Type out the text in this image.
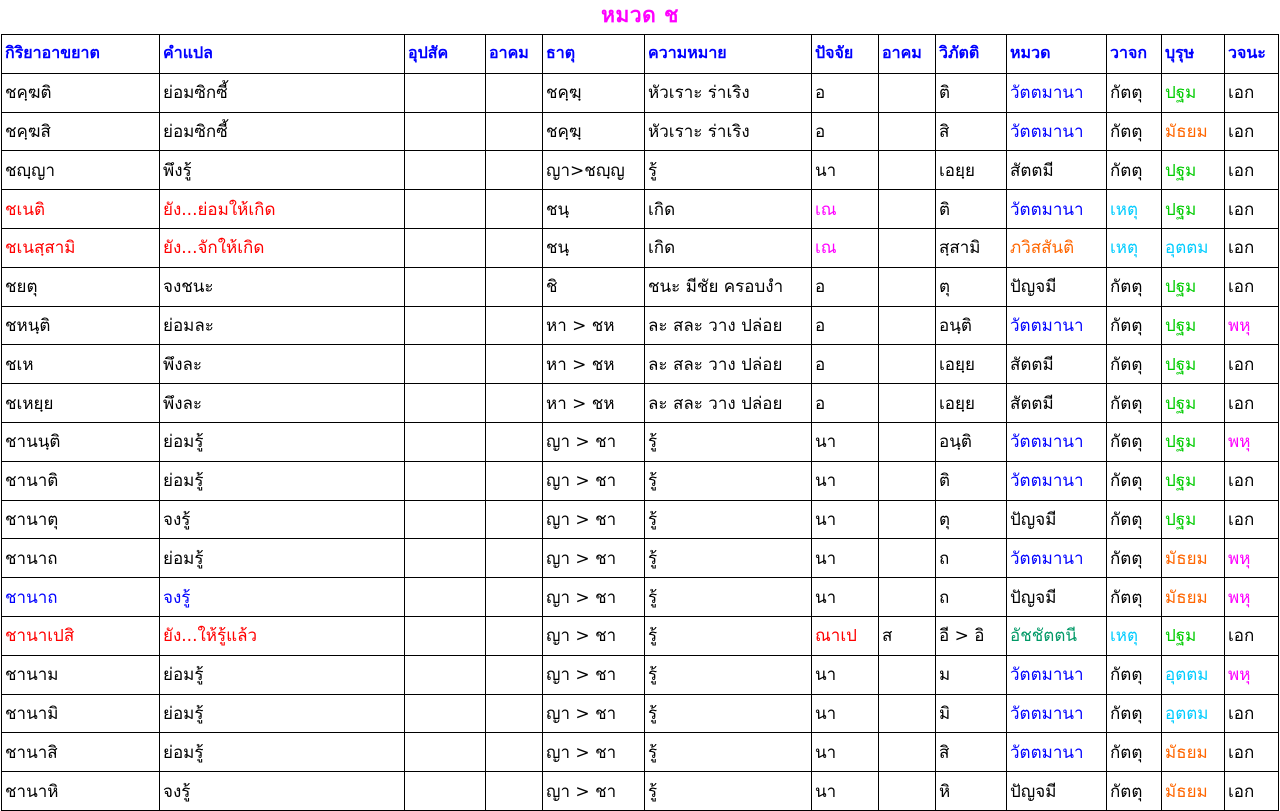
หมวด ช
กิริยาอาขยาต	คำแปล	อุปสัค	อาคม	ธาตุ	ความหมาย	ปัจจัย	อาคม	วิภัตติ	หมวด	วาจก	บุรุษ	วจนะ
ชคฺฆติ	ย่อมซิกซี้			ชคฺฆฺ	หัวเราะ ร่าเริง	อ		ติ	วัตตมานา	กัตตุ	ปฐม	เอก
ชคฺฆสิ	ย่อมซิกซี้			ชคฺฆฺ	หัวเราะ ร่าเริง	อ		สิ	วัตตมานา	กัตตุ	มัธยม	เอก
ชญฺญา	พึงรู้			ญา>ชญฺญ	รู้	นา		เอยฺย	สัตตมี	กัตตุ	ปฐม	เอก
ชเนติ	ยัง...ย่อมให้เกิด			ชนฺ	เกิด	เณ		ติ	วัตตมานา	เหตุ	ปฐม	เอก
ชเนสฺสามิ	ยัง...จักให้เกิด			ชนฺ	เกิด	เณ		สฺสามิ	ภวิสสันติ	เหตุ	อุตตม	เอก
ชยตุ	จงชนะ			ชิ	ชนะ มีชัย ครอบงำ	อ		ตุ	ปัญจมี	กัตตุ	ปฐม	เอก
ชหนฺติ	ย่อมละ			หา > ชห	ละ สละ วาง ปล่อย	อ		อนฺติ	วัตตมานา	กัตตุ	ปฐม	พหุ
ชเห	พึงละ			หา > ชห	ละ สละ วาง ปล่อย	อ		เอยฺย	สัตตมี	กัตตุ	ปฐม	เอก
ชเหยฺย	พึงละ			หา > ชห	ละ สละ วาง ปล่อย	อ		เอยฺย	สัตตมี	กัตตุ	ปฐม	เอก
ชานนฺติ	ย่อมรู้			ญา > ชา	รู้	นา		อนฺติ	วัตตมานา	กัตตุ	ปฐม	พหุ
ชานาติ	ย่อมรู้			ญา > ชา	รู้	นา		ติ	วัตตมานา	กัตตุ	ปฐม	เอก
ชานาตุ	จงรู้			ญา > ชา	รู้	นา		ตุ	ปัญจมี	กัตตุ	ปฐม	เอก
ชานาถ	ย่อมรู้			ญา > ชา	รู้	นา		ถ	วัตตมานา	กัตตุ	มัธยม	พหุ
ชานาถ	จงรู้			ญา > ชา	รู้	นา		ถ	ปัญจมี	กัตตุ	มัธยม	พหุ
ชานาเปสิ	ยัง...ให้รู้แล้ว			ญา > ชา	รู้	ณาเป	ส	อี > อิ	อัชชัตตนี	เหตุ	ปฐม	เอก
ชานาม	ย่อมรู้			ญา > ชา	รู้	นา		ม	วัตตมานา	กัตตุ	อุตตม	พหุ
ชานามิ	ย่อมรู้			ญา > ชา	รู้	นา		มิ	วัตตมานา	กัตตุ	อุตตม	เอก
ชานาสิ	ย่อมรู้			ญา > ชา	รู้	นา		สิ	วัตตมานา	กัตตุ	มัธยม	เอก
ชานาหิ	จงรู้			ญา > ชา	รู้	นา		หิ	ปัญจมี	กัตตุ	มัธยม	เอก
